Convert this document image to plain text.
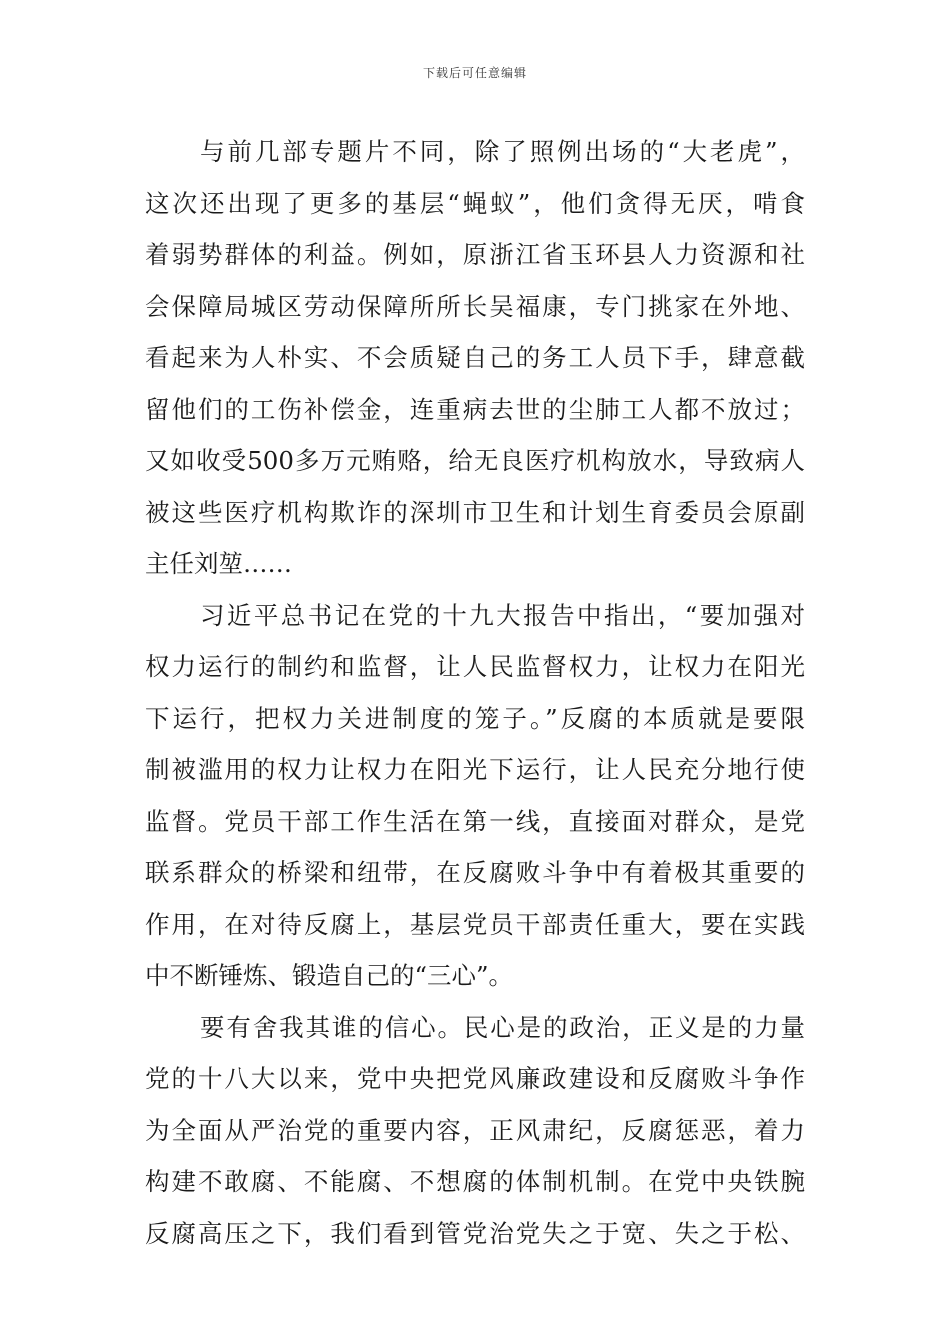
下载后可任意编辑
与前几部专题片不同，除了照例出场的“大老虎”，
这次还出现了更多的基层“蝇蚁”，他们贪得无厌，啃食
着弱势群体的利益。例如，原浙江省玉环县人力资源和社
会保障局城区劳动保障所所长吴福康，专门挑家在外地、
看起来为人朴实、不会质疑自己的务工人员下手，肆意截
留他们的工伤补偿金，连重病去世的尘肺工人都不放过；
又如收受500多万元贿赂，给无良医疗机构放水，导致病人
被这些医疗机构欺诈的深圳市卫生和计划生育委员会原副
主任刘堃……
习近平总书记在党的十九大报告中指出，“要加强对
权力运行的制约和监督，让人民监督权力，让权力在阳光
下运行，把权力关进制度的笼子。”反腐的本质就是要限
制被滥用的权力让权力在阳光下运行，让人民充分地行使
监督。党员干部工作生活在第一线，直接面对群众，是党
联系群众的桥梁和纽带，在反腐败斗争中有着极其重要的
作用，在对待反腐上，基层党员干部责任重大，要在实践
中不断锤炼、锻造自己的“三心”。
要有舍我其谁的信心。民心是的政治，正义是的力量
党的十八大以来，党中央把党风廉政建设和反腐败斗争作
为全面从严治党的重要内容，正风肃纪，反腐惩恶，着力
构建不敢腐、不能腐、不想腐的体制机制。在党中央铁腕
反腐高压之下，我们看到管党治党失之于宽、失之于松、
